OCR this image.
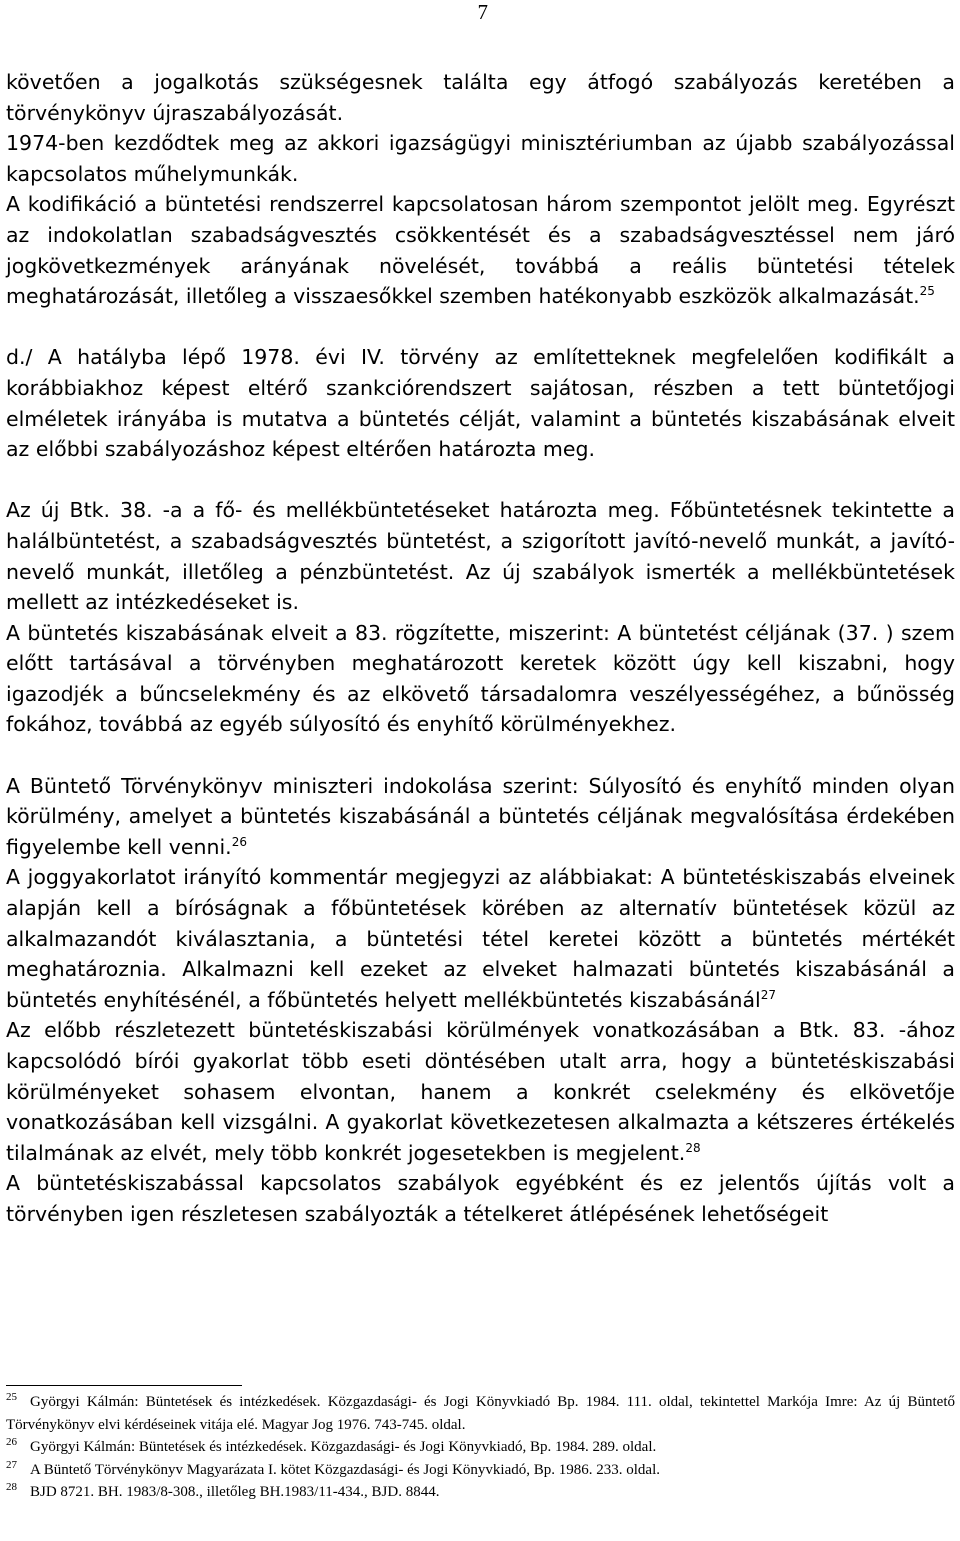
7

követően a jogalkotás szükségesnek találta egy átfogó szabályozás keretében a törvénykönyv újraszabályozását.

1974-ben kezdődtek meg az akkori igazságügyi minisztériumban az újabb szabályozással kapcsolatos műhelymunkák.

A kodifikáció a büntetési rendszerrel kapcsolatosan három szempontot jelölt meg. Egyrészt az indokolatlan szabadságvesztés csökkentését és a szabadságvesztéssel nem járó jogkövetkezmények arányának növelését, továbbá a reális büntetési tételek meghatározását, illetőleg a visszaesőkkel szemben hatékonyabb eszközök alkalmazását.$^{25}$

d./ A hatályba lépő 1978. évi IV. törvény az említetteknek megfelelően kodifikált a korábbiakhoz képest eltérő szankciórendszert sajátosan, részben a tett büntetőjogi elméletek irányába is mutatva a büntetés célját, valamint a büntetés kiszabásának elveit az előbbi szabályozáshoz képest eltérően határozta meg.

Az új Btk. 38. -a a fő- és mellékbüntetéseket határozta meg. Főbüntetésnek tekintette a halálbüntetést, a szabadságvesztés büntetést, a szigorított javító-nevelő munkát, a javító-nevelő munkát, illetőleg a pénzbüntetést. Az új szabályok ismerték a mellékbüntetések mellett az intézkedéseket is.

A büntetés kiszabásának elveit a 83. rögzítette, miszerint: A büntetést céljának (37. ) szem előtt tartásával a törvényben meghatározott keretek között úgy kell kiszabni, hogy igazodjék a bűncselekmény és az elkövető társadalomra veszélyességéhez, a bűnösség fokához, továbbá az egyéb súlyosító és enyhítő körülményekhez.

A Büntető Törvénykönyv miniszteri indokolása szerint: Súlyosító és enyhítő minden olyan körülmény, amelyet a büntetés kiszabásánál a büntetés céljának megvalósítása érdekében figyelembe kell venni.$^{26}$

A joggyakorlatot irányító kommentár megjegyzi az alábbiakat: A büntetéskiszabás elveinek alapján kell a bíróságnak a főbüntetések körében az alternatív büntetések közül az alkalmazandót kiválasztania, a büntetési tétel keretei között a büntetés mértékét meghatároznia. Alkalmazni kell ezeket az elveket halmazati büntetés kiszabásánál a büntetés enyhítésénél, a főbüntetés helyett mellékbüntetés kiszabásánál$^{27}$

Az előbb részletezett büntetéskiszabási körülmények vonatkozásában a Btk. 83. -ához kapcsolódó bírói gyakorlat több eseti döntésében utalt arra, hogy a büntetéskiszabási körülményeket sohasem elvontan, hanem a konkrét cselekmény és elkövetője vonatkozásában kell vizsgálni. A gyakorlat következetesen alkalmazta a kétszeres értékelés tilalmának az elvét, mely több konkrét jogesetekben is megjelent.$^{28}$

A büntetéskiszabással kapcsolatos szabályok egyébként és ez jelentős újítás volt a törvényben igen részletesen szabályozták a tételkeret átlépésének lehetőségeit

$^{25}$ Györgyi Kálmán: Büntetések és intézkedések. Közgazdasági- és Jogi Könyvkiadó Bp. 1984. 111. oldal, tekintettel Markója Imre: Az új Büntető Törvénykönyv elvi kérdéseinek vitája elé. Magyar Jog 1976. 743-745. oldal.

$^{26}$ Györgyi Kálmán: Büntetések és intézkedések. Közgazdasági- és Jogi Könyvkiadó, Bp. 1984. 289. oldal.

$^{27}$ A Büntető Törvénykönyv Magyarázata I. kötet Közgazdasági- és Jogi Könyvkiadó, Bp. 1986. 233. oldal.

$^{28}$ BJD 8721. BH. 1983/8-308., illetőleg BH.1983/11-434., BJD. 8844.
